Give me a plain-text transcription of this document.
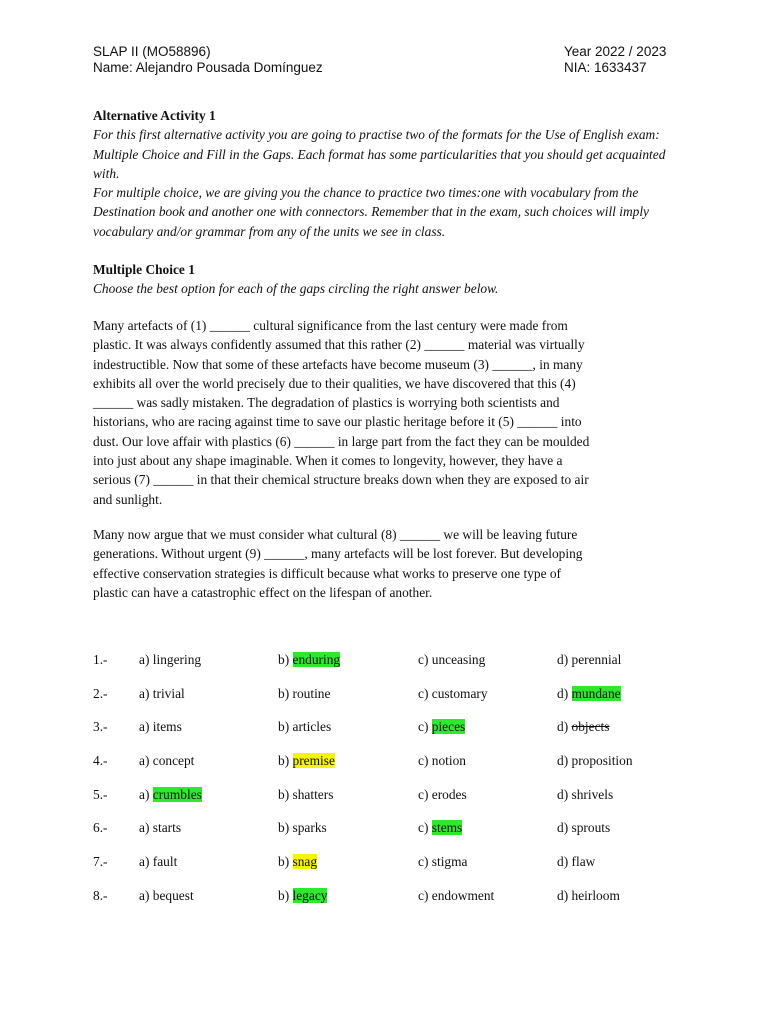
SLAP II (MO58896)	Year 2022 / 2023
Name: Alejandro Pousada Domínguez	NIA: 1633437
Alternative Activity 1

For this first alternative activity you are going to practise two of the formats for the Use of English exam: Multiple Choice and Fill in the Gaps. Each format has some particularities that you should get acquainted with.

For multiple choice, we are giving you the chance to practice two times:one with vocabulary from the Destination book and another one with connectors. Remember that in the exam, such choices will imply vocabulary and/or grammar from any of the units we see in class.

Multiple Choice 1
Choose the best option for each of the gaps circling the right answer below.
Many artefacts of (1) ______ cultural significance from the last century were made from
plastic. It was always confidently assumed that this rather (2) ______ material was virtually
indestructible. Now that some of these artefacts have become museum (3) ______, in many
exhibits all over the world precisely due to their qualities, we have discovered that this (4)
______ was sadly mistaken. The degradation of plastics is worrying both scientists and
historians, who are racing against time to save our plastic heritage before it (5) ______ into
dust. Our love affair with plastics (6) ______ in large part from the fact they can be moulded
into just about any shape imaginable. When it comes to longevity, however, they have a
serious (7) ______ in that their chemical structure breaks down when they are exposed to air
and sunlight.
Many now argue that we must consider what cultural (8) ______ we will be leaving future
generations. Without urgent (9) ______, many artefacts will be lost forever. But developing
effective conservation strategies is difficult because what works to preserve one type of
plastic can have a catastrophic effect on the lifespan of another.
1.- a) lingering	b) enduring	c) unceasing	d) perennial
2.- a) trivial	b) routine	c) customary	d) mundane
3.- a) items	b) articles	c) pieces	d) objects
4.- a) concept	b) premise	c) notion	d) proposition
5.- a) crumbles	b) shatters	c) erodes	d) shrivels
6.- a) starts	b) sparks	c) stems	d) sprouts
7.- a) fault	b) snag	c) stigma	d) flaw
8.- a) bequest	b) legacy	c) endowment	d) heirloom
